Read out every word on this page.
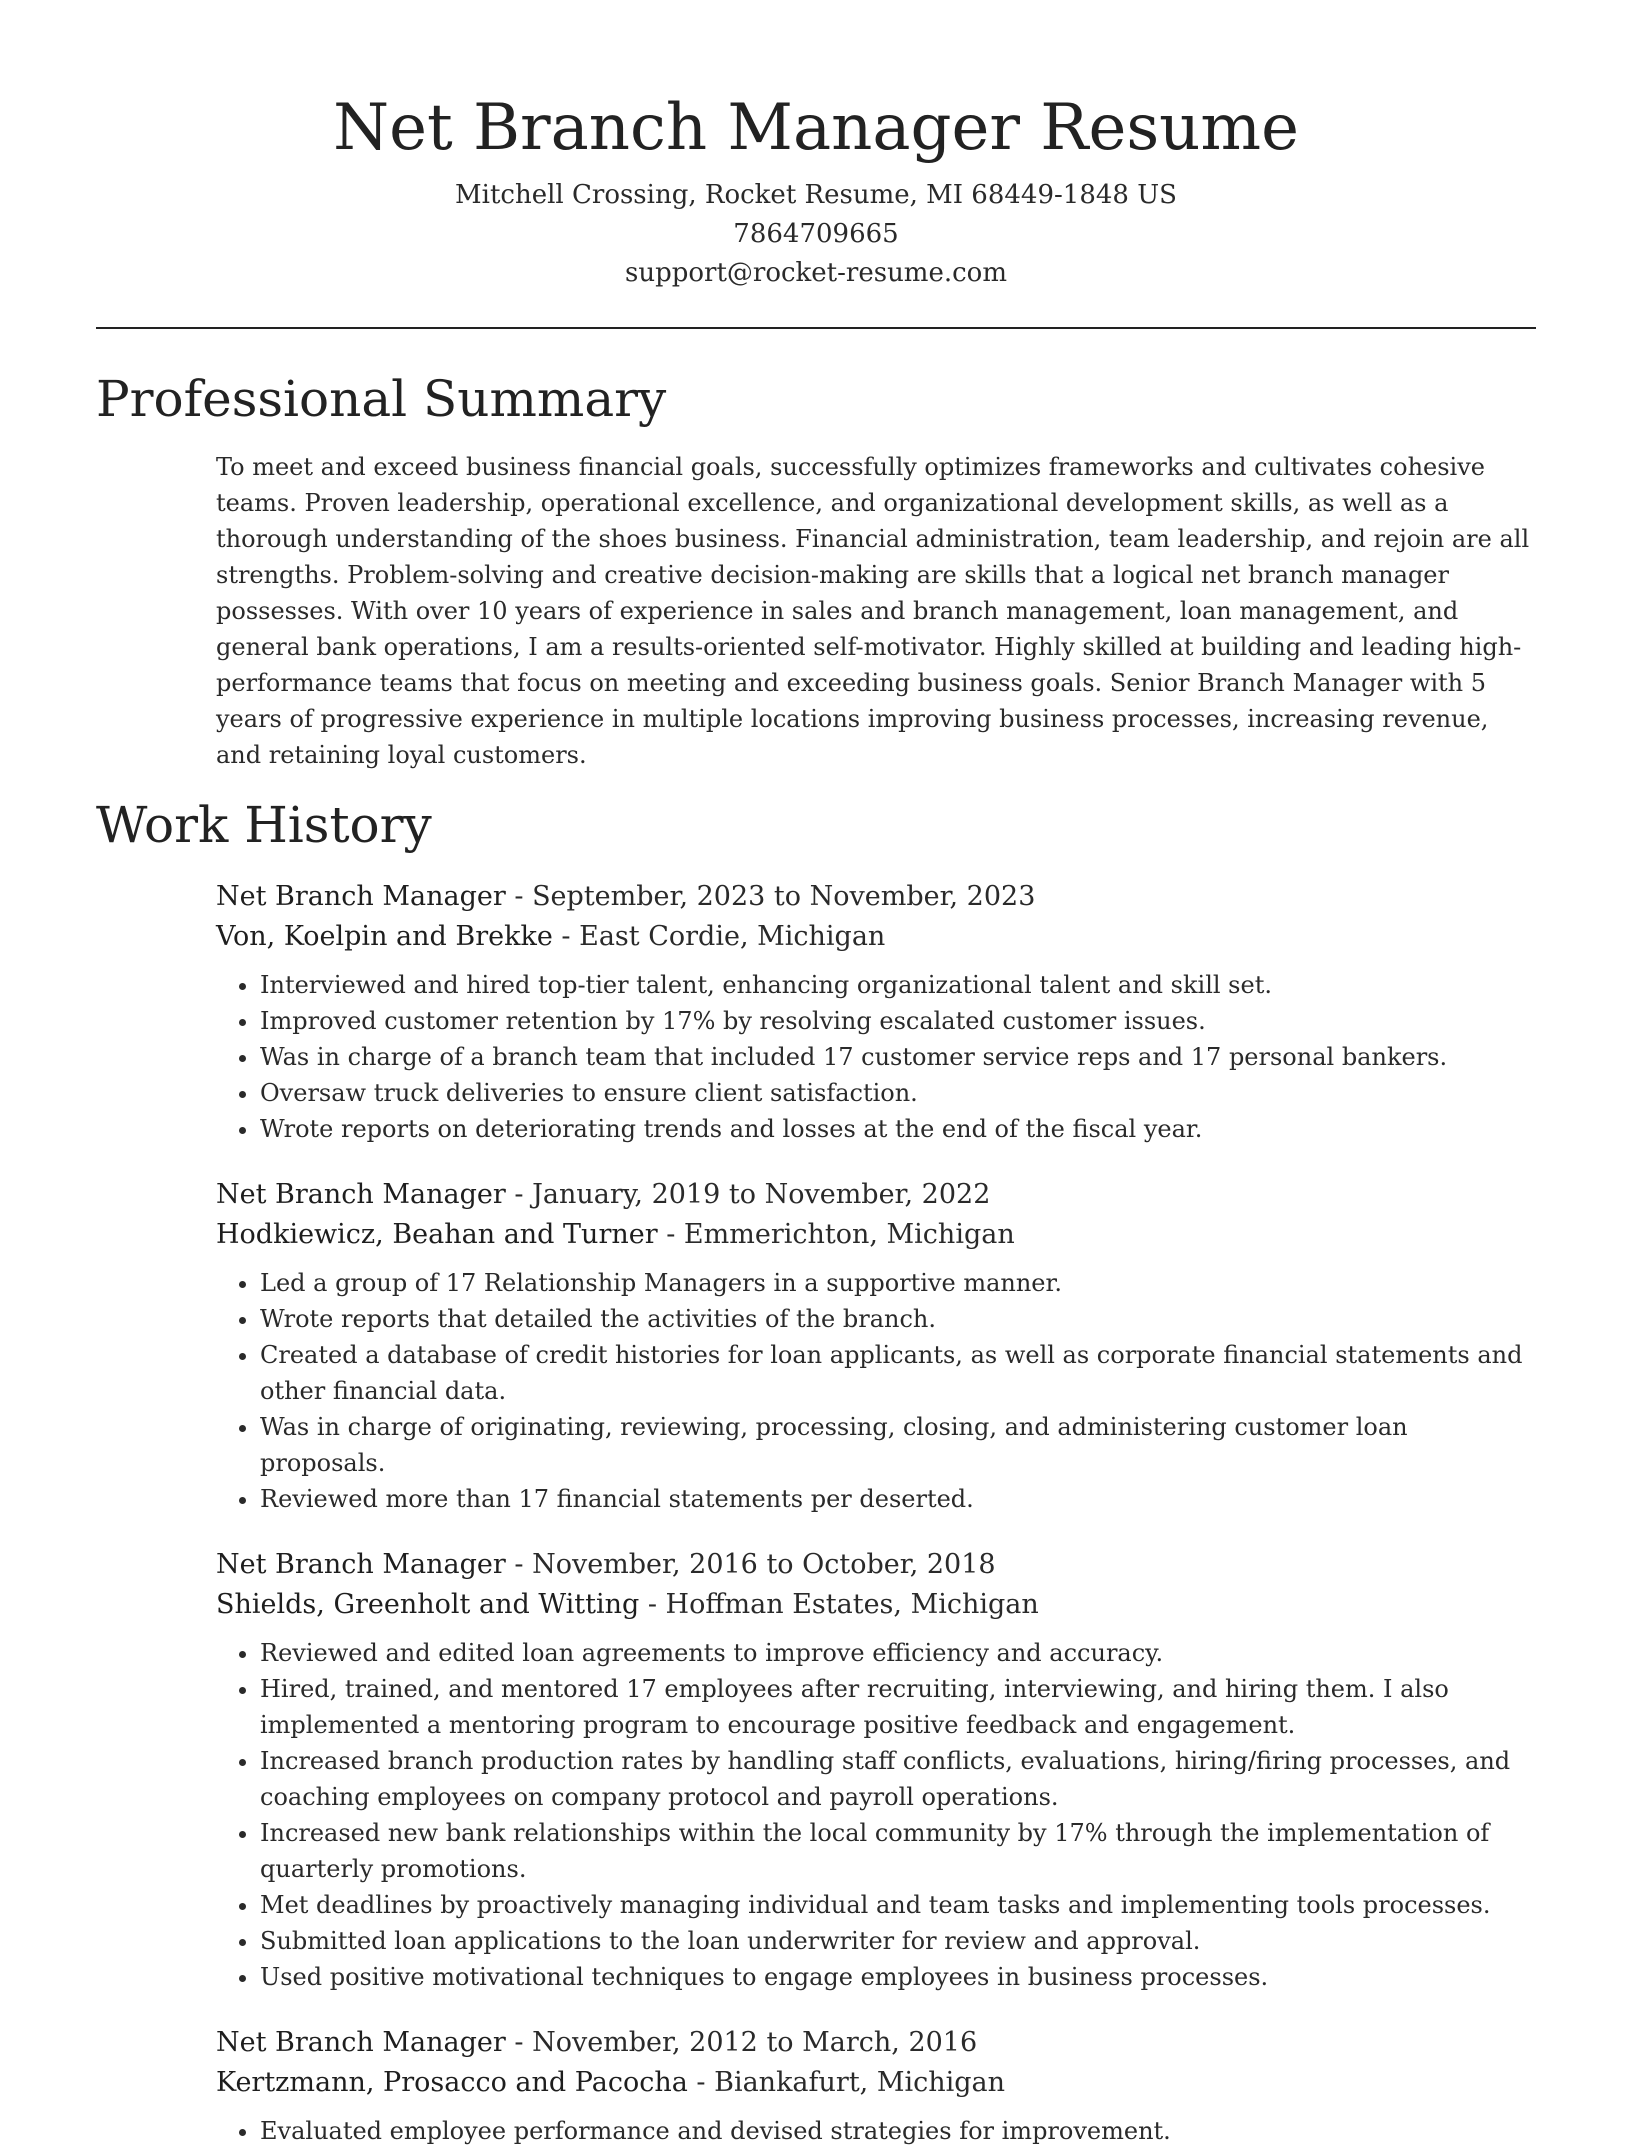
Net Branch Manager Resume
Mitchell Crossing, Rocket Resume, MI 68449-1848 US
7864709665
support@rocket-resume.com
Professional Summary

To meet and exceed business financial goals, successfully optimizes frameworks and cultivates cohesive teams. Proven leadership, operational excellence, and organizational development skills, as well as a thorough understanding of the shoes business. Financial administration, team leadership, and rejoin are all strengths. Problem-solving and creative decision-making are skills that a logical net branch manager possesses. With over 10 years of experience in sales and branch management, loan management, and general bank operations, I am a results-oriented self-motivator. Highly skilled at building and leading high-performance teams that focus on meeting and exceeding business goals. Senior Branch Manager with 5 years of progressive experience in multiple locations improving business processes, increasing revenue, and retaining loyal customers.

Work History
Net Branch Manager - September, 2023 to November, 2023
Von, Koelpin and Brekke - East Cordie, Michigan
• Interviewed and hired top-tier talent, enhancing organizational talent and skill set.
• Improved customer retention by 17% by resolving escalated customer issues.
• Was in charge of a branch team that included 17 customer service reps and 17 personal bankers.
• Oversaw truck deliveries to ensure client satisfaction.
• Wrote reports on deteriorating trends and losses at the end of the fiscal year.
Net Branch Manager - January, 2019 to November, 2022
Hodkiewicz, Beahan and Turner - Emmerichton, Michigan
• Led a group of 17 Relationship Managers in a supportive manner.
• Wrote reports that detailed the activities of the branch.
• Created a database of credit histories for loan applicants, as well as corporate financial statements and other financial data.
• Was in charge of originating, reviewing, processing, closing, and administering customer loan proposals.
• Reviewed more than 17 financial statements per deserted.
Net Branch Manager - November, 2016 to October, 2018
Shields, Greenholt and Witting - Hoffman Estates, Michigan
• Reviewed and edited loan agreements to improve efficiency and accuracy.
• Hired, trained, and mentored 17 employees after recruiting, interviewing, and hiring them. I also implemented a mentoring program to encourage positive feedback and engagement.
• Increased branch production rates by handling staff conflicts, evaluations, hiring/firing processes, and coaching employees on company protocol and payroll operations.
• Increased new bank relationships within the local community by 17% through the implementation of quarterly promotions.
• Met deadlines by proactively managing individual and team tasks and implementing tools processes.
• Submitted loan applications to the loan underwriter for review and approval.
• Used positive motivational techniques to engage employees in business processes.
Net Branch Manager - November, 2012 to March, 2016
Kertzmann, Prosacco and Pacocha - Biankafurt, Michigan
• Evaluated employee performance and devised strategies for improvement.
